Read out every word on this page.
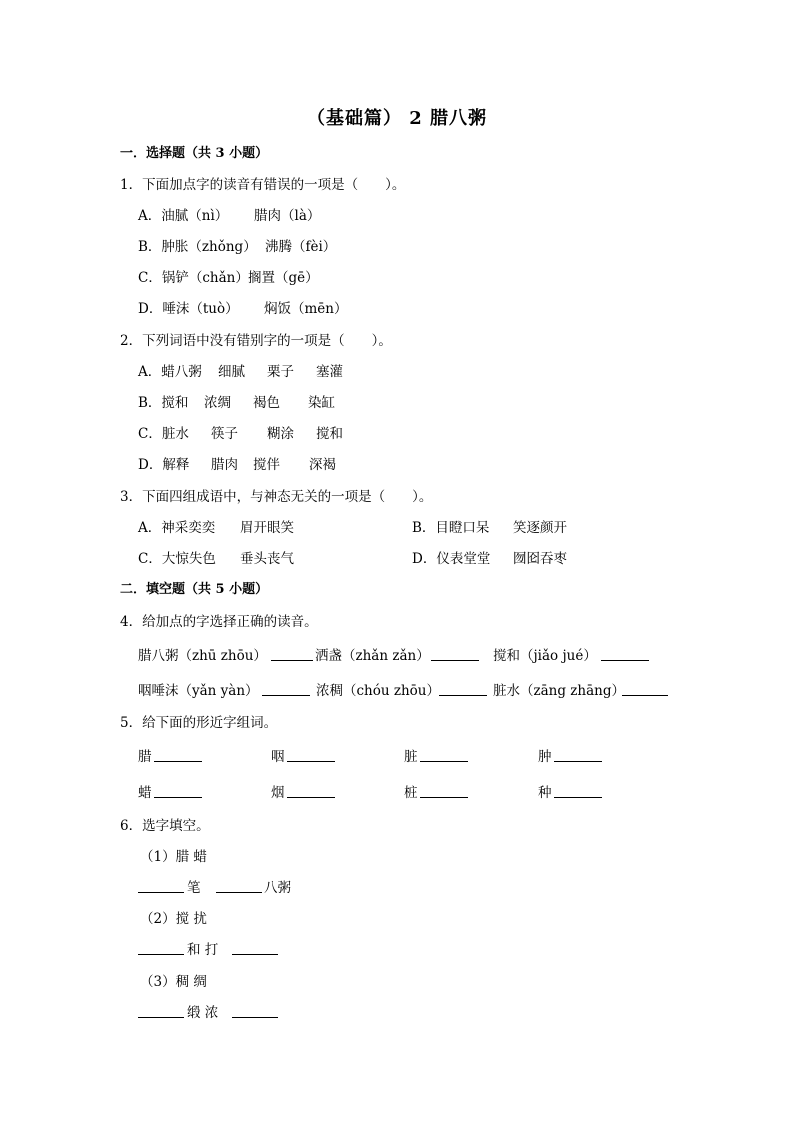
（基础篇） 2 腊八粥
一．选择题（共 3 小题）
1．下面加点字的读音有错误的一项是（　　）。
A．油腻（nì） 腊肉（là）
B．肿胀（zhǒng） 沸腾（fèi）
C．锅铲（chǎn） 搁置（gē）
D．唾沫（tuò） 焖饭（mēn）
2．下列词语中没有错别字的一项是（　　）。
A．蜡八粥 细腻 栗子 塞灌
B．搅和 浓绸 褐色 染缸
C．脏水 筷子 糊涂 搅和
D．解释 腊肉 搅伴 深褐
3．下面四组成语中，与神态无关的一项是（　　）。
A．神采奕奕 眉开眼笑	B．目瞪口呆 笑逐颜开
C．大惊失色 垂头丧气	D．仪表堂堂 囫囵吞枣
二．填空题（共 5 小题）
4．给加点的字选择正确的读音。
腊八粥（zhū zhōu）	洒盏（zhǎn zǎn）	搅和（jiǎo jué）
咽唾沫（yǎn yàn）	浓稠（chóu zhōu）	脏水（zāng zhāng）
5．给下面的形近字组词。
腊	咽	脏	肿
蜡	烟	桩	种
6．选字填空。
（1）腊 蜡
笔	八粥
（2）搅 扰
和 打
（3）稠 绸
缎 浓
